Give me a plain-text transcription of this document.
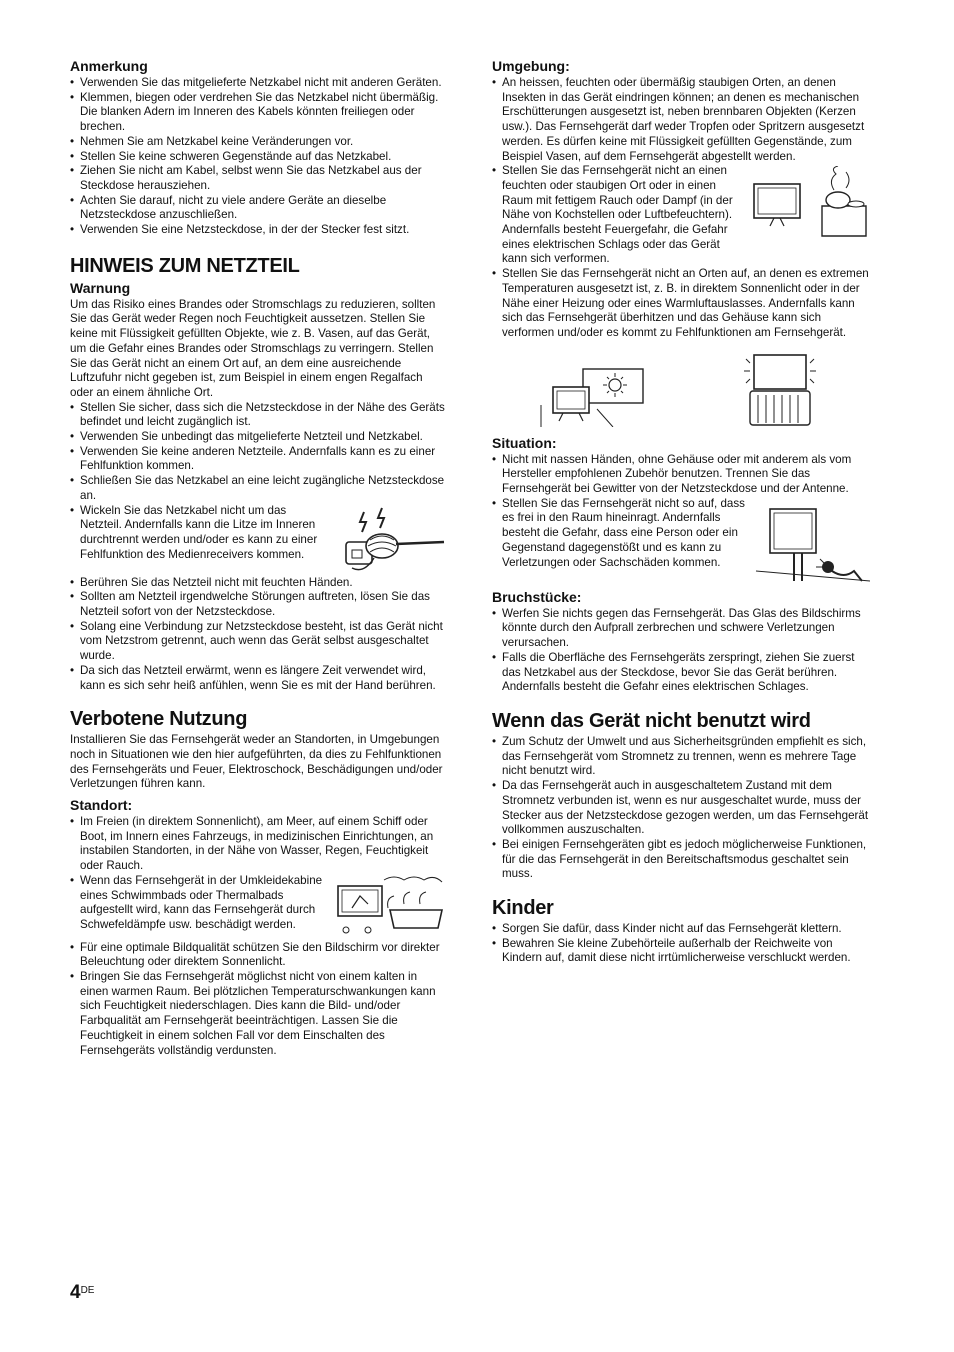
Anmerkung
• Verwenden Sie das mitgelieferte Netzkabel nicht mit anderen Geräten.
• Klemmen, biegen oder verdrehen Sie das Netzkabel nicht übermäßig. Die blanken Adern im Inneren des Kabels könnten freiliegen oder brechen.
• Nehmen Sie am Netzkabel keine Veränderungen vor.
• Stellen Sie keine schweren Gegenstände auf das Netzkabel.
• Ziehen Sie nicht am Kabel, selbst wenn Sie das Netzkabel aus der Steckdose herausziehen.
• Achten Sie darauf, nicht zu viele andere Geräte an dieselbe Netzsteckdose anzuschließen.
• Verwenden Sie eine Netzsteckdose, in der der Stecker fest sitzt.
HINWEIS ZUM NETZTEIL
Warnung

Um das Risiko eines Brandes oder Stromschlags zu reduzieren, sollten Sie das Gerät weder Regen noch Feuchtigkeit aussetzen. Stellen Sie keine mit Flüssigkeit gefüllten Objekte, wie z. B. Vasen, auf das Gerät, um die Gefahr eines Brandes oder Stromschlags zu verringern. Stellen Sie das Gerät nicht an einem Ort auf, an dem eine ausreichende Luftzufuhr nicht gegeben ist, zum Beispiel in einem engen Regalfach oder an einem ähnliche Ort.

• Stellen Sie sicher, dass sich die Netzsteckdose in der Nähe des Geräts befindet und leicht zugänglich ist.
• Verwenden Sie unbedingt das mitgelieferte Netzteil und Netzkabel.
• Verwenden Sie keine anderen Netzteile. Andernfalls kann es zu einer Fehlfunktion kommen.
• Schließen Sie das Netzkabel an eine leicht zugängliche Netzsteckdose an.
• Wickeln Sie das Netzkabel nicht um das Netzteil. Andernfalls kann die Litze im Inneren durchtrennt werden und/oder es kann zu einer Fehlfunktion des Medienreceivers kommen.
• Berühren Sie das Netzteil nicht mit feuchten Händen.
• Sollten am Netzteil irgendwelche Störungen auftreten, lösen Sie das Netzteil sofort von der Netzsteckdose.
• Solang eine Verbindung zur Netzsteckdose besteht, ist das Gerät nicht vom Netzstrom getrennt, auch wenn das Gerät selbst ausgeschaltet wurde.
• Da sich das Netzteil erwärmt, wenn es längere Zeit verwendet wird, kann es sich sehr heiß anfühlen, wenn Sie es mit der Hand berühren.
Verbotene Nutzung

Installieren Sie das Fernsehgerät weder an Standorten, in Umgebungen noch in Situationen wie den hier aufgeführten, da dies zu Fehlfunktionen des Fernsehgeräts und Feuer, Elektroschock, Beschädigungen und/oder Verletzungen führen kann.

Standort:
• Im Freien (in direktem Sonnenlicht), am Meer, auf einem Schiff oder Boot, im Innern eines Fahrzeugs, in medizinischen Einrichtungen, an instabilen Standorten, in der Nähe von Wasser, Regen, Feuchtigkeit oder Rauch.
• Wenn das Fernsehgerät in der Umkleidekabine eines Schwimmbads oder Thermalbads aufgestellt wird, kann das Fernsehgerät durch Schwefeldämpfe usw. beschädigt werden.
• Für eine optimale Bildqualität schützen Sie den Bildschirm vor direkter Beleuchtung oder direktem Sonnenlicht.
• Bringen Sie das Fernsehgerät möglichst nicht von einem kalten in einen warmen Raum. Bei plötzlichen Temperaturschwankungen kann sich Feuchtigkeit niederschlagen. Dies kann die Bild- und/oder Farbqualität am Fernsehgerät beeinträchtigen. Lassen Sie die Feuchtigkeit in einem solchen Fall vor dem Einschalten des Fernsehgeräts vollständig verdunsten.
Umgebung:
• An heissen, feuchten oder übermäßig staubigen Orten, an denen Insekten in das Gerät eindringen können; an denen es mechanischen Erschütterungen ausgesetzt ist, neben brennbaren Objekten (Kerzen usw.). Das Fernsehgerät darf weder Tropfen oder Spritzern ausgesetzt werden. Es dürfen keine mit Flüssigkeit gefüllten Gegenstände, zum Beispiel Vasen, auf dem Fernsehgerät abgestellt werden.
• Stellen Sie das Fernsehgerät nicht an einen feuchten oder staubigen Ort oder in einen Raum mit fettigem Rauch oder Dampf (in der Nähe von Kochstellen oder Luftbefeuchtern). Andernfalls besteht Feuergefahr, die Gefahr eines elektrischen Schlags oder das Gerät kann sich verformen.
• Stellen Sie das Fernsehgerät nicht an Orten auf, an denen es extremen Temperaturen ausgesetzt ist, z. B. in direktem Sonnenlicht oder in der Nähe einer Heizung oder eines Warmluftauslasses. Andernfalls kann sich das Fernsehgerät überhitzen und das Gehäuse kann sich verformen und/oder es kommt zu Fehlfunktionen am Fernsehgerät.
Situation:
• Nicht mit nassen Händen, ohne Gehäuse oder mit anderem als vom Hersteller empfohlenen Zubehör benutzen. Trennen Sie das Fernsehgerät bei Gewitter von der Netzsteckdose und der Antenne.
• Stellen Sie das Fernsehgerät nicht so auf, dass es frei in den Raum hineinragt. Andernfalls besteht die Gefahr, dass eine Person oder ein Gegenstand dagegenstößt und es kann zu Verletzungen oder Sachschäden kommen.
Bruchstücke:
• Werfen Sie nichts gegen das Fernsehgerät. Das Glas des Bildschirms könnte durch den Aufprall zerbrechen und schwere Verletzungen verursachen.
• Falls die Oberfläche des Fernsehgeräts zerspringt, ziehen Sie zuerst das Netzkabel aus der Steckdose, bevor Sie das Gerät berühren. Andernfalls besteht die Gefahr eines elektrischen Schlages.
Wenn das Gerät nicht benutzt wird
• Zum Schutz der Umwelt und aus Sicherheitsgründen empfiehlt es sich, das Fernsehgerät vom Stromnetz zu trennen, wenn es mehrere Tage nicht benutzt wird.
• Da das Fernsehgerät auch in ausgeschaltetem Zustand mit dem Stromnetz verbunden ist, wenn es nur ausgeschaltet wurde, muss der Stecker aus der Netzsteckdose gezogen werden, um das Fernsehgerät vollkommen auszuschalten.
• Bei einigen Fernsehgeräten gibt es jedoch möglicherweise Funktionen, für die das Fernsehgerät in den Bereitschaftsmodus geschaltet sein muss.
Kinder
• Sorgen Sie dafür, dass Kinder nicht auf das Fernsehgerät klettern.
• Bewahren Sie kleine Zubehörteile außerhalb der Reichweite von Kindern auf, damit diese nicht irrtümlicherweise verschluckt werden.
4DE
